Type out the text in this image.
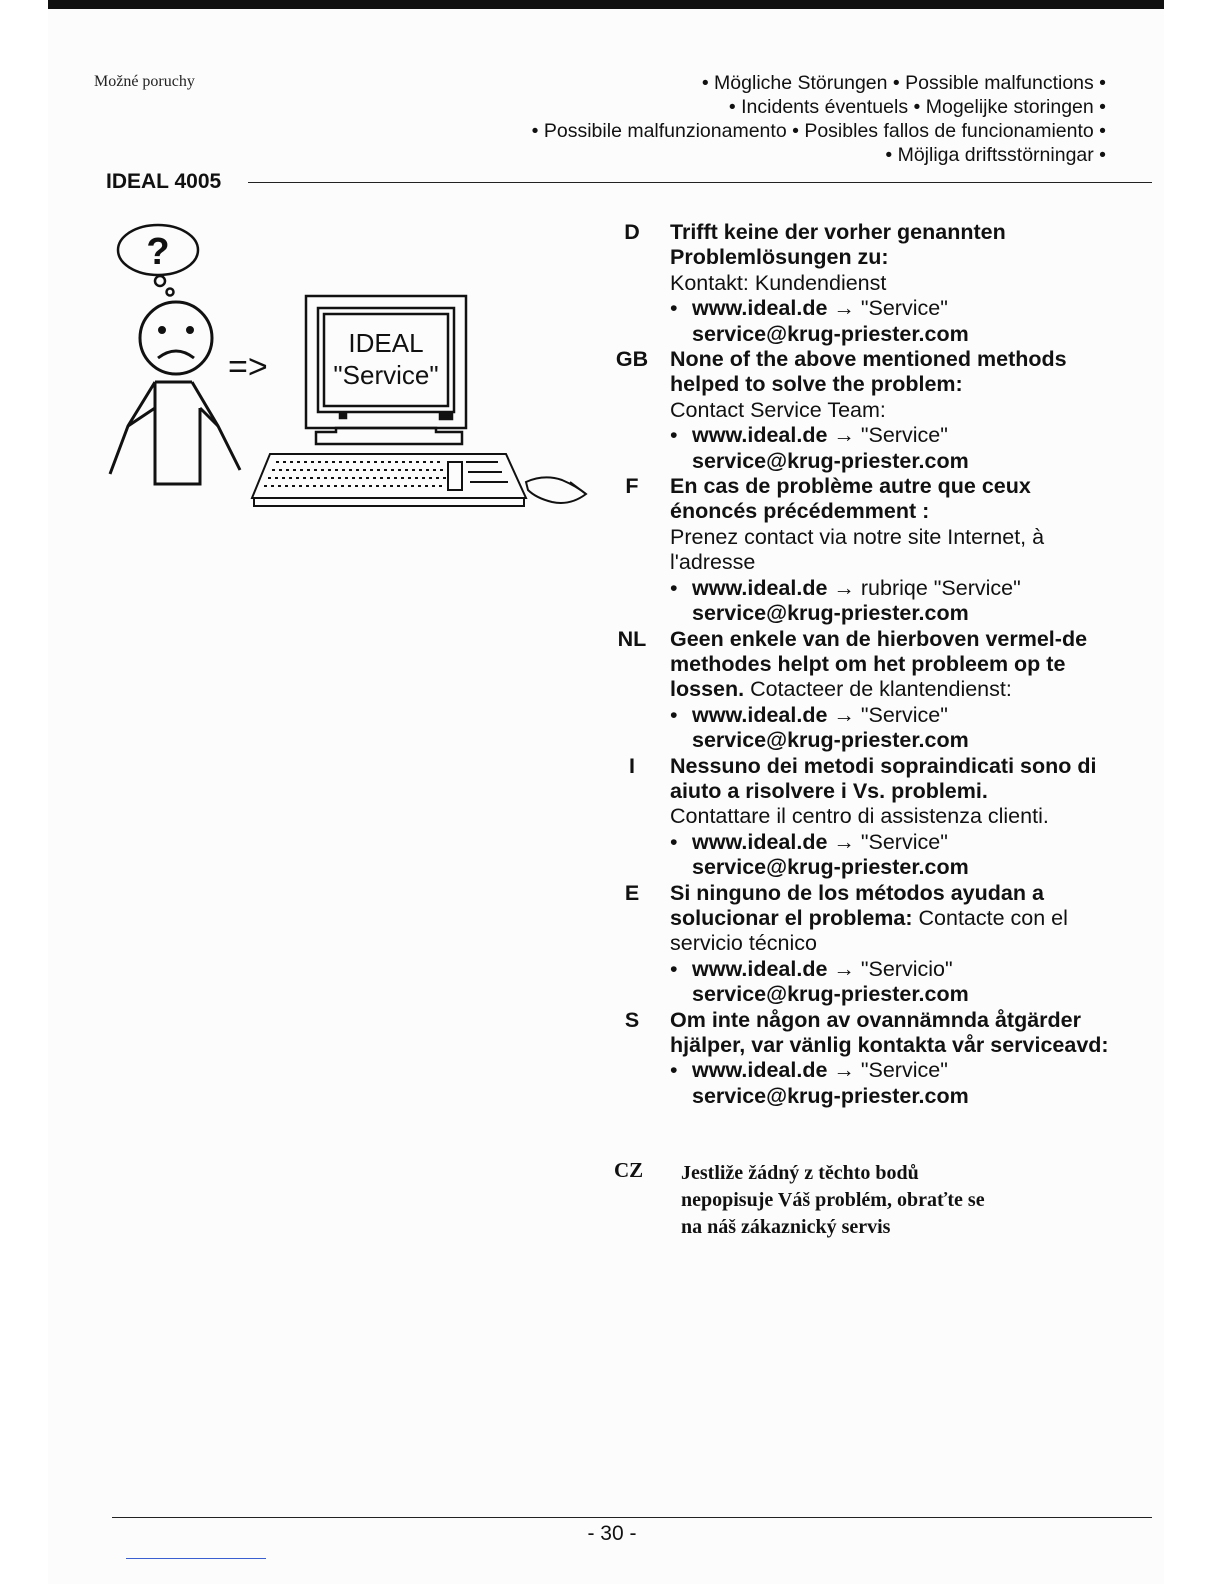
Možné poruchy	• Mögliche Störungen • Possible malfunctions •
• Incidents éventuels • Mogelijke storingen •
• Possibile malfunzionamento • Posibles fallos de funcionamiento •
• Möjliga driftsstörningar •
IDEAL 4005
?
=>
IDEAL
"Service"
D	Trifft keine der vorher genannten Problemlösungen zu:
Kontakt: Kundendienst
• www.ideal.de → "Service"
service@krug-priester.com
GB None of the above mentioned methods helped to solve the problem:
Contact Service Team:
• www.ideal.de → "Service"
service@krug-priester.com
F	En cas de problème autre que ceux énoncés précédemment :
Prenez contact via notre site Internet, à l'adresse
• www.ideal.de → rubriqe "Service"
service@krug-priester.com
NL	Geen enkele van de hierboven vermel-de methodes helpt om het probleem op te lossen. Cotacteer de klantendienst:
• www.ideal.de → "Service"
service@krug-priester.com
I	Nessuno dei metodi sopraindicati sono di aiuto a risolvere i Vs. problemi.
Contattare il centro di assistenza clienti.
• www.ideal.de → "Service"
service@krug-priester.com
E	Si ninguno de los métodos ayudan a solucionar el problema: Contacte con el servicio técnico
• www.ideal.de → "Servicio"
service@krug-priester.com
S	Om inte någon av ovannämnda åtgärder hjälper, var vänlig kontakta vår serviceavd:
• www.ideal.de → "Service"
service@krug-priester.com
CZ Jestliže žádný z těchto bodů
nepopisuje Váš problém, obraťte se
na náš zákaznický servis
- 30 -
